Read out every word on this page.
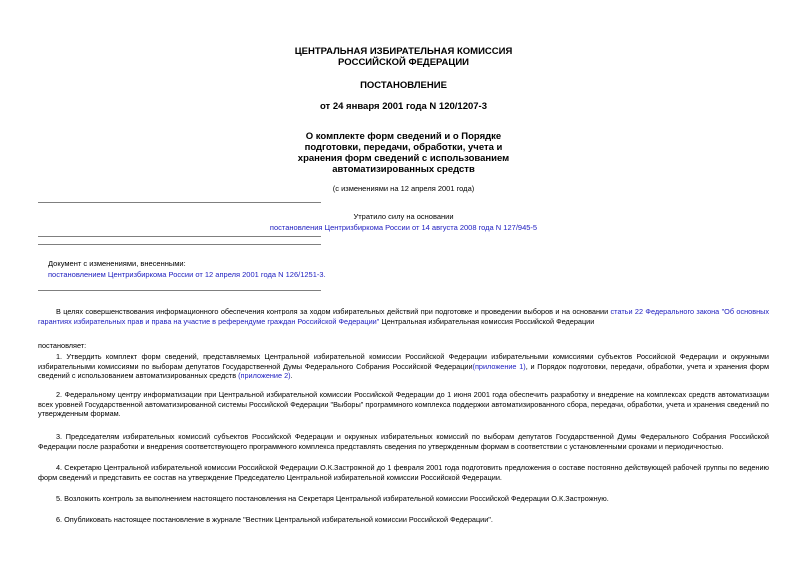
ЦЕНТРАЛЬНАЯ ИЗБИРАТЕЛЬНАЯ КОМИССИЯ
РОССИЙСКОЙ ФЕДЕРАЦИИ
ПОСТАНОВЛЕНИЕ
от 24 января 2001 года N 120/1207-3
О комплекте форм сведений и о Порядке
подготовки, передачи, обработки, учета и
хранения форм сведений с использованием
автоматизированных средств
(с изменениями на 12 апреля 2001 года)
Утратило силу на основании
постановления Центризбиркома России от 14 августа 2008 года N 127/945-5
Документ с изменениями, внесенными:
постановлением Центризбиркома России от 12 апреля 2001 года N 126/1251-3.

В целях совершенствования информационного обеспечения контроля за ходом избирательных действий при подготовке и проведении выборов и на основании статьи 22 Федерального закона "Об основных гарантиях избирательных прав и права на участие в референдуме граждан Российской Федерации" Центральная избирательная комиссия Российской Федерации

постановляет:

1. Утвердить комплект форм сведений, представляемых Центральной избирательной комиссии Российской Федерации избирательными комиссиями субъектов Российской Федерации и окружными избирательными комиссиями по выборам депутатов Государственной Думы Федерального Собрания Российской Федерации(приложение 1), и Порядок подготовки, передачи, обработки, учета и хранения форм сведений с использованием автоматизированных средств (приложение 2).

2. Федеральному центру информатизации при Центральной избирательной комиссии Российской Федерации до 1 июня 2001 года обеспечить разработку и внедрение на комплексах средств автоматизации всех уровней Государственной автоматизированной системы Российской Федерации "Выборы" программного комплекса поддержки автоматизированного сбора, передачи, обработки, учета и хранения сведений по утвержденным формам.

3. Председателям избирательных комиссий субъектов Российской Федерации и окружных избирательных комиссий по выборам депутатов Государственной Думы Федерального Собрания Российской Федерации после разработки и внедрения соответствующего программного комплекса представлять сведения по утвержденным формам в соответствии с установленными сроками и периодичностью.

4. Секретарю Центральной избирательной комиссии Российской Федерации О.К.Застрожной до 1 февраля 2001 года подготовить предложения о составе постоянно действующей рабочей группы по ведению форм сведений и представить ее состав на утверждение Председателю Центральной избирательной комиссии Российской Федерации.

5. Возложить контроль за выполнением настоящего постановления на Секретаря Центральной избирательной комиссии Российской Федерации О.К.Застрожную.

6. Опубликовать настоящее постановление в журнале "Вестник Центральной избирательной комиссии Российской Федерации".
